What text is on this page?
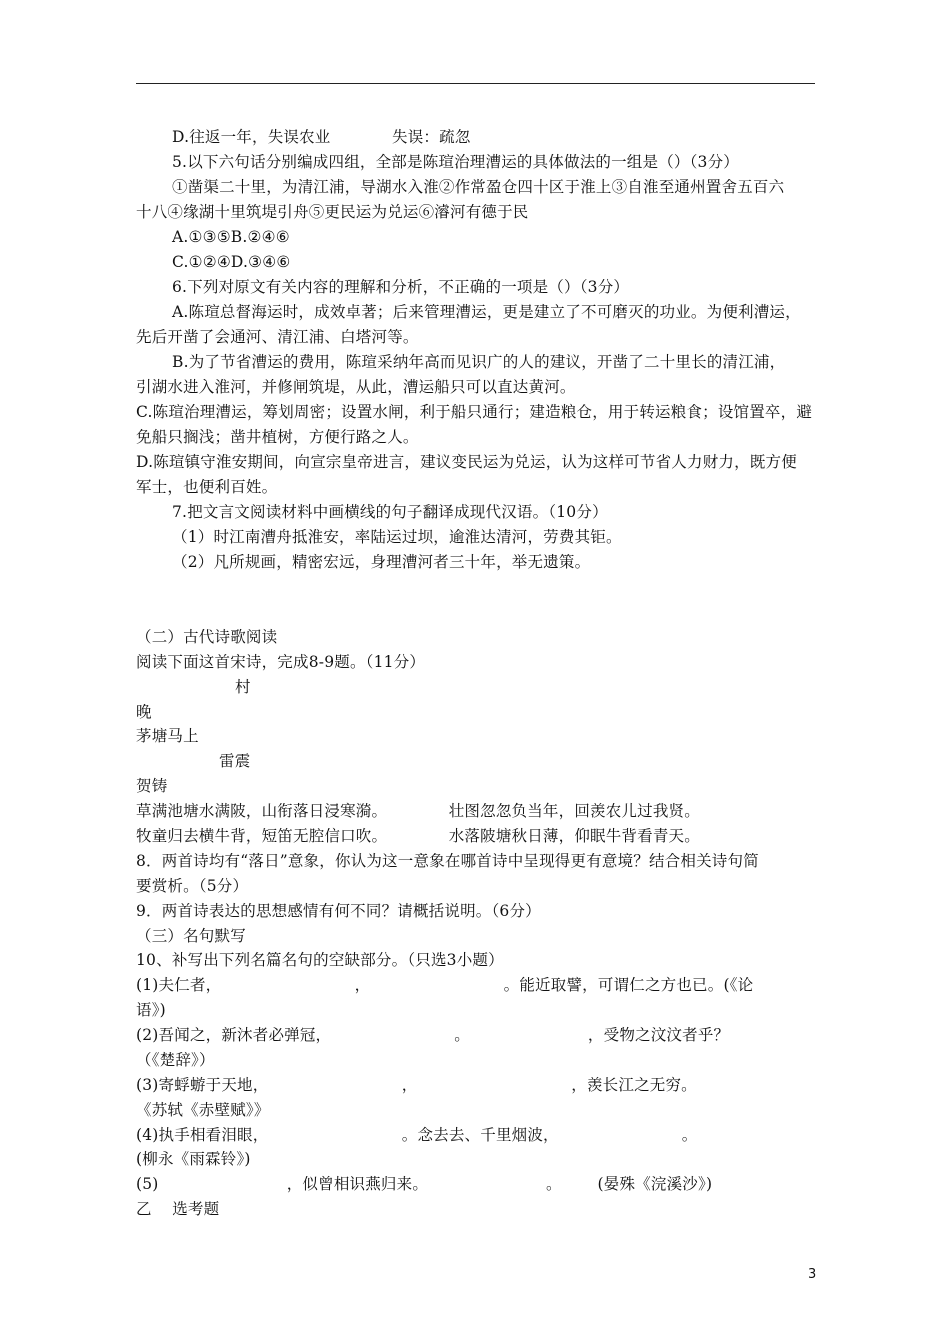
D.往返一年，失误农业            失误：疏忽
5.以下六句话分别编成四组，全部是陈瑄治理漕运的具体做法的一组是（）（3分）
①凿渠二十里，为清江浦，导湖水入淮②作常盈仓四十区于淮上③自淮至通州置舍五百六
十八④缘湖十里筑堤引舟⑤更民运为兑运⑥濬河有德于民
A.①③⑤B.②④⑥
C.①②④D.③④⑥
6.下列对原文有关内容的理解和分析，不正确的一项是（）（3分）
A.陈瑄总督海运时，成效卓著；后来管理漕运，更是建立了不可磨灭的功业。为便利漕运，
先后开凿了会通河、清江浦、白塔河等。
B.为了节省漕运的费用，陈瑄采纳年高而见识广的人的建议，开凿了二十里长的清江浦，
引湖水进入淮河，并修闸筑堤，从此，漕运船只可以直达黄河。
C.陈瑄治理漕运，筹划周密；设置水闸，利于船只通行；建造粮仓，用于转运粮食；设馆置卒，避
免船只搁浅；凿井植树，方便行路之人。
D.陈瑄镇守淮安期间，向宣宗皇帝进言，建议变民运为兑运，认为这样可节省人力财力，既方便
军士，也便利百姓。
7.把文言文阅读材料中画横线的句子翻译成现代汉语。（10分）
（1）时江南漕舟抵淮安，率陆运过坝，逾淮达清河，劳费其钜。
（2）凡所规画，精密宏远，身理漕河者三十年，举无遗策。
（二）古代诗歌阅读
阅读下面这首宋诗，完成8-9题。（11分）
村
晚
茅塘马上
雷震
贺铸
草满池塘水满陂，山衔落日浸寒漪。            壮图忽忽负当年，回羡农儿过我贤。
牧童归去横牛背，短笛无腔信口吹。            水落陂塘秋日薄，仰眠牛背看青天。
8．两首诗均有“落日”意象，你认为这一意象在哪首诗中呈现得更有意境？结合相关诗句简
要赏析。（5分）
9．两首诗表达的思想感情有何不同？请概括说明。（6分）
（三）名句默写
10、补写出下列名篇名句的空缺部分。（只选3小题）
(1)夫仁者，                          ，                          。能近取譬，可谓仁之方也已。(《论
语》)
(2)吾闻之，新沐者必弹冠，                        。                       ，受物之汶汶者乎？
（《楚辞》）
(3)寄蜉蝣于天地，                          ，                              ，羡长江之无穷。
《苏轼《赤壁赋》》
(4)执手相看泪眼，                          。念去去、千里烟波，                        。
(柳永《雨霖铃》)
(5)                         ，似曾相识燕归来。                       。       (晏殊《浣溪沙》)
乙    选考题
3
